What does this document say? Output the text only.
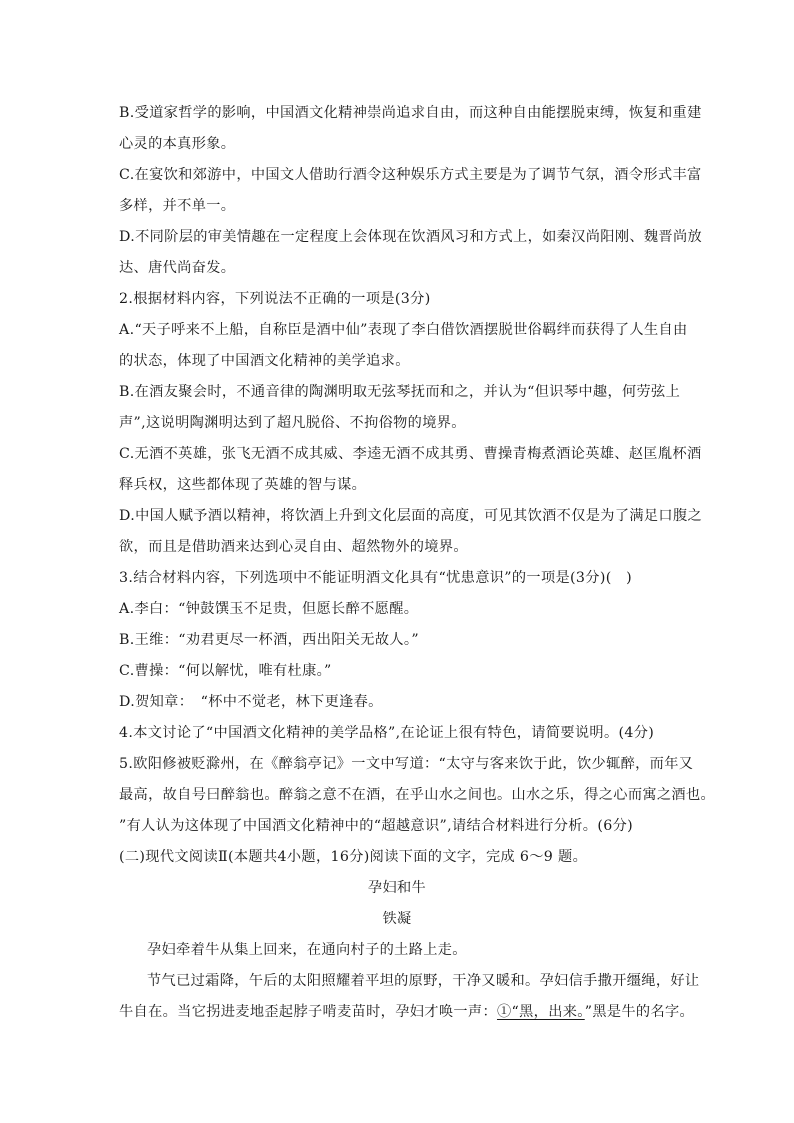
B.受道家哲学的影响，中国酒文化精神崇尚追求自由，而这种自由能摆脱束缚，恢复和重建
心灵的本真形象。
C.在宴饮和郊游中，中国文人借助行酒令这种娱乐方式主要是为了调节气氛，酒令形式丰富
多样，并不单一。
D.不同阶层的审美情趣在一定程度上会体现在饮酒风习和方式上，如秦汉尚阳刚、魏晋尚放
达、唐代尚奋发。
2.根据材料内容，下列说法不正确的一项是(3分)
A.“天子呼来不上船，自称臣是酒中仙”表现了李白借饮酒摆脱世俗羁绊而获得了人生自由
的状态，体现了中国酒文化精神的美学追求。
B.在酒友聚会时，不通音律的陶渊明取无弦琴抚而和之，并认为“但识琴中趣，何劳弦上
声”,这说明陶渊明达到了超凡脱俗、不拘俗物的境界。
C.无酒不英雄，张飞无酒不成其威、李逵无酒不成其勇、曹操青梅煮酒论英雄、赵匡胤杯酒
释兵权，这些都体现了英雄的智与谋。
D.中国人赋予酒以精神，将饮酒上升到文化层面的高度，可见其饮酒不仅是为了满足口腹之
欲，而且是借助酒来达到心灵自由、超然物外的境界。
3.结合材料内容，下列选项中不能证明酒文化具有“忧患意识”的一项是(3分)(　)
A.李白：“钟鼓馔玉不足贵，但愿长醉不愿醒。
B.王维：“劝君更尽一杯酒，西出阳关无故人。”
C.曹操：“何以解忧，唯有杜康。”
D.贺知章：　“杯中不觉老，林下更逢春。
4.本文讨论了“中国酒文化精神的美学品格”,在论证上很有特色，请简要说明。(4分)
5.欧阳修被贬滁州，在《醉翁亭记》一文中写道：“太守与客来饮于此，饮少辄醉，而年又
最高，故自号曰醉翁也。醉翁之意不在酒，在乎山水之间也。山水之乐，得之心而寓之酒也。
”有人认为这体现了中国酒文化精神中的“超越意识”,请结合材料进行分析。(6分)
(二)现代文阅读Ⅱ(本题共4小题，16分)阅读下面的文字，完成 6～9 题。
孕妇和牛
铁凝
孕妇牵着牛从集上回来，在通向村子的土路上走。
节气已过霜降，午后的太阳照耀着平坦的原野，干净又暖和。孕妇信手撒开缰绳，好让
牛自在。当它拐进麦地歪起脖子啃麦苗时，孕妇才唤一声：①“黑，出来。”黑是牛的名字。
